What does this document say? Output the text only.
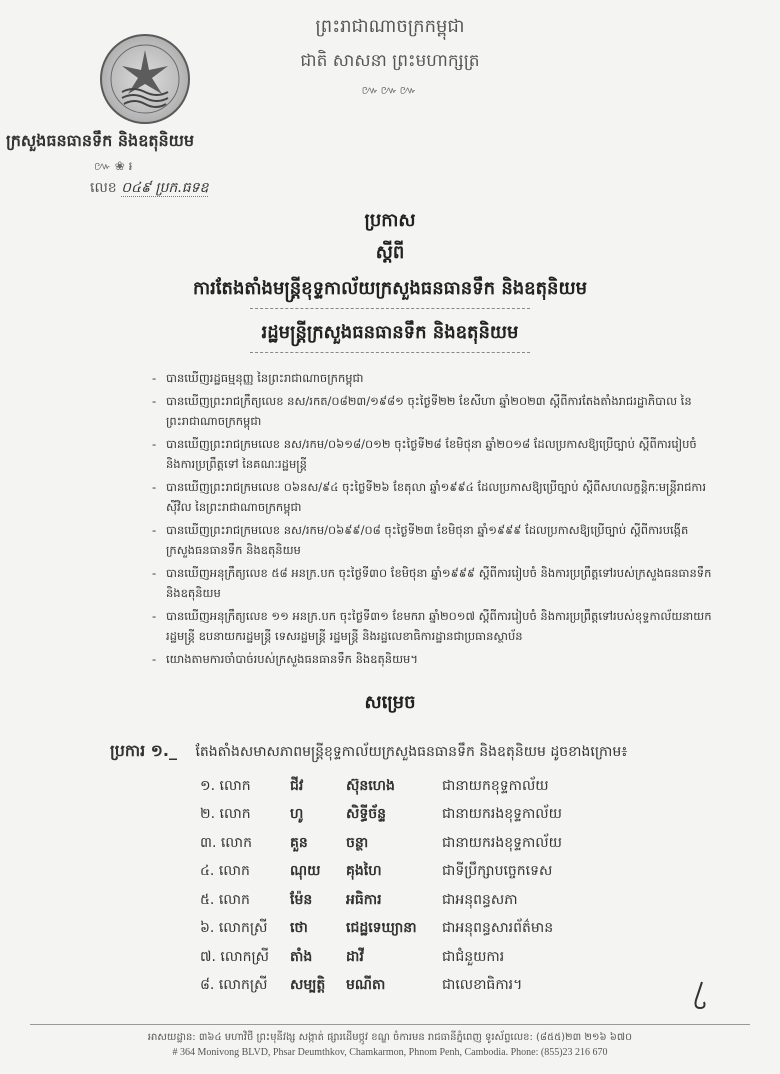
ព្រះរាជាណាចក្រកម្ពុជា
ជាតិ សាសនា ព្រះមហាក្សត្រ
៚៚៚
ក្រសួងធនធានទឹក និងឧតុនិយម
៚ ❀ ៛
លេខ ០៤៩ ប្រក.ធទឧ
ប្រកាស
ស្តីពី
ការតែងតាំងមន្ត្រីខុទ្ទកាល័យក្រសួងធនធានទឹក និងឧតុនិយម
រដ្ឋមន្ត្រីក្រសួងធនធានទឹក និងឧតុនិយម
- បានឃើញរដ្ឋធម្មនុញ្ញ នៃព្រះរាជាណាចក្រកម្ពុជា
- បានឃើញព្រះរាជក្រឹត្យលេខ នស/រកត/០៨២៣/១៩៨១ ចុះថ្ងៃទី២២ ខែសីហា ឆ្នាំ២០២៣ ស្តីពីការតែងតាំងរាជរដ្ឋាភិបាល នៃព្រះរាជាណាចក្រកម្ពុជា
- បានឃើញព្រះរាជក្រមលេខ នស/រកម/០៦១៨/០១២ ចុះថ្ងៃទី២៨ ខែមិថុនា ឆ្នាំ២០១៨ ដែលប្រកាសឱ្យប្រើច្បាប់ ស្តីពីការរៀបចំ និងការប្រព្រឹត្តទៅ នៃគណៈរដ្ឋមន្ត្រី
- បានឃើញព្រះរាជក្រមលេខ ០៦នស/៩៤ ចុះថ្ងៃទី២៦ ខែតុលា ឆ្នាំ១៩៩៤ ដែលប្រកាសឱ្យប្រើច្បាប់ ស្តីពីសហលក្ខន្តិកៈមន្ត្រីរាជការស៊ីវិល នៃព្រះរាជាណាចក្រកម្ពុជា
- បានឃើញព្រះរាជក្រមលេខ នស/រកម/០៦៩៩/០៨ ចុះថ្ងៃទី២៣ ខែមិថុនា ឆ្នាំ១៩៩៩ ដែលប្រកាសឱ្យប្រើច្បាប់ ស្តីពីការបង្កើតក្រសួងធនធានទឹក និងឧតុនិយម
- បានឃើញអនុក្រឹត្យលេខ ៥៨ អនក្រ.បក ចុះថ្ងៃទី៣០ ខែមិថុនា ឆ្នាំ១៩៩៩ ស្តីពីការរៀបចំ និងការប្រព្រឹត្តទៅរបស់ក្រសួងធនធានទឹក និងឧតុនិយម
- បានឃើញអនុក្រឹត្យលេខ ១១ អនក្រ.បក ចុះថ្ងៃទី៣១ ខែមករា ឆ្នាំ២០១៧ ស្តីពីការរៀបចំ និងការប្រព្រឹត្តទៅរបស់ខុទ្ទកាល័យនាយករដ្ឋមន្ត្រី ឧបនាយករដ្ឋមន្ត្រី ទេសរដ្ឋមន្ត្រី រដ្ឋមន្ត្រី និងរដ្ឋលេខាធិការដ្ឋានជាប្រធានស្ថាប័ន
- យោងតាមការចាំបាច់របស់ក្រសួងធនធានទឹក និងឧតុនិយម។
សម្រេច
ប្រការ ១._ តែងតាំងសមាសភាពមន្ត្រីខុទ្ទកាល័យក្រសួងធនធានទឹក និងឧតុនិយម ដូចខាងក្រោម៖
១. លោក	ជីវ	ស៊ុនហេង	ជានាយកខុទ្ទកាល័យ
២. លោក	ហូ	សិទ្ធីច័ន្ទ	ជានាយករងខុទ្ទកាល័យ
៣. លោក	គួន	ចន្ថា	ជានាយករងខុទ្ទកាល័យ
៤. លោក	ណុយ	គុងហៃ	ជាទីប្រឹក្សាបច្ចេកទេស
៥. លោក	ម៉ែន	អធិការ	ជាអនុពន្ធសភា
៦. លោកស្រី	ថោ	ជេដ្ឋទេឃ្យានា	ជាអនុពន្ធសារព័ត៌មាន
៧. លោកស្រី	តាំង	ដាវី	ជាជំនួយការ
៨. លោកស្រី	សម្បត្តិ	មណីតា	ជាលេខាធិការ។
អាសយដ្ឋាន: ៣៦៤ មហាវិថី ព្រះមុនីវង្ស សង្កាត់ ផ្សារដើមថ្កូវ ខណ្ឌ ចំការមន រាជធានីភ្នំពេញ ទូរស័ព្ទលេខ: (៨៥៥)២៣ ២១៦ ៦៧០
# 364 Monivong BLVD, Phsar Deumthkov, Chamkarmon, Phnom Penh, Cambodia. Phone: (855)23 216 670
